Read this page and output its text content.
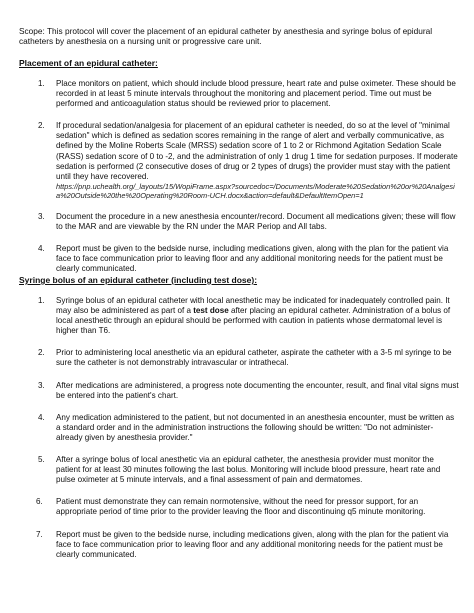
Scope: This protocol will cover the placement of an epidural catheter by anesthesia and syringe bolus of epidural catheters by anesthesia on a nursing unit or progressive care unit.
Placement of an epidural catheter:
1. Place monitors on patient, which should include blood pressure, heart rate and pulse oximeter. These should be recorded in at least 5 minute intervals throughout the monitoring and placement period. Time out must be performed and anticoagulation status should be reviewed prior to placement.
2. If procedural sedation/analgesia for placement of an epidural catheter is needed, do so at the level of "minimal sedation" which is defined as sedation scores remaining in the range of alert and verbally communicative, as defined by the Moline Roberts Scale (MRSS) sedation score of 1 to 2 or Richmond Agitation Sedation Scale (RASS) sedation score of 0 to -2, and the administration of only 1 drug 1 time for sedation purposes. If moderate sedation is performed (2 consecutive doses of drug or 2 types of drugs) the provider must stay with the patient until they have recovered.
https://pnp.uchealth.org/_layouts/15/WopiFrame.aspx?sourcedoc=/Documents/Moderate%20Sedation%20or%20Analgesia%20Outside%20the%20Operating%20Room-UCH.docx&action=default&DefaultItemOpen=1
3. Document the procedure in a new anesthesia encounter/record. Document all medications given; these will flow to the MAR and are viewable by the RN under the MAR Periop and All tabs.
4. Report must be given to the bedside nurse, including medications given, along with the plan for the patient via face to face communication prior to leaving floor and any additional monitoring needs for the patient must be clearly communicated.
Syringe bolus of an epidural catheter (including test dose):
1. Syringe bolus of an epidural catheter with local anesthetic may be indicated for inadequately controlled pain. It may also be administered as part of a test dose after placing an epidural catheter. Administration of a bolus of local anesthetic through an epidural should be performed with caution in patients whose dermatomal level is higher than T6.
2. Prior to administering local anesthetic via an epidural catheter, aspirate the catheter with a 3-5 ml syringe to be sure the catheter is not demonstrably intravascular or intrathecal.
3. After medications are administered, a progress note documenting the encounter, result, and final vital signs must be entered into the patient's chart.
4. Any medication administered to the patient, but not documented in an anesthesia encounter, must be written as a standard order and in the administration instructions the following should be written: "Do not administer-already given by anesthesia provider."
5. After a syringe bolus of local anesthetic via an epidural catheter, the anesthesia provider must monitor the patient for at least 30 minutes following the last bolus. Monitoring will include blood pressure, heart rate and pulse oximeter at 5 minute intervals, and a final assessment of pain and dermatomes.
6. Patient must demonstrate they can remain normotensive, without the need for pressor support, for an appropriate period of time prior to the provider leaving the floor and discontinuing q5 minute monitoring.
7. Report must be given to the bedside nurse, including medications given, along with the plan for the patient via face to face communication prior to leaving floor and any additional monitoring needs for the patient must be clearly communicated.
